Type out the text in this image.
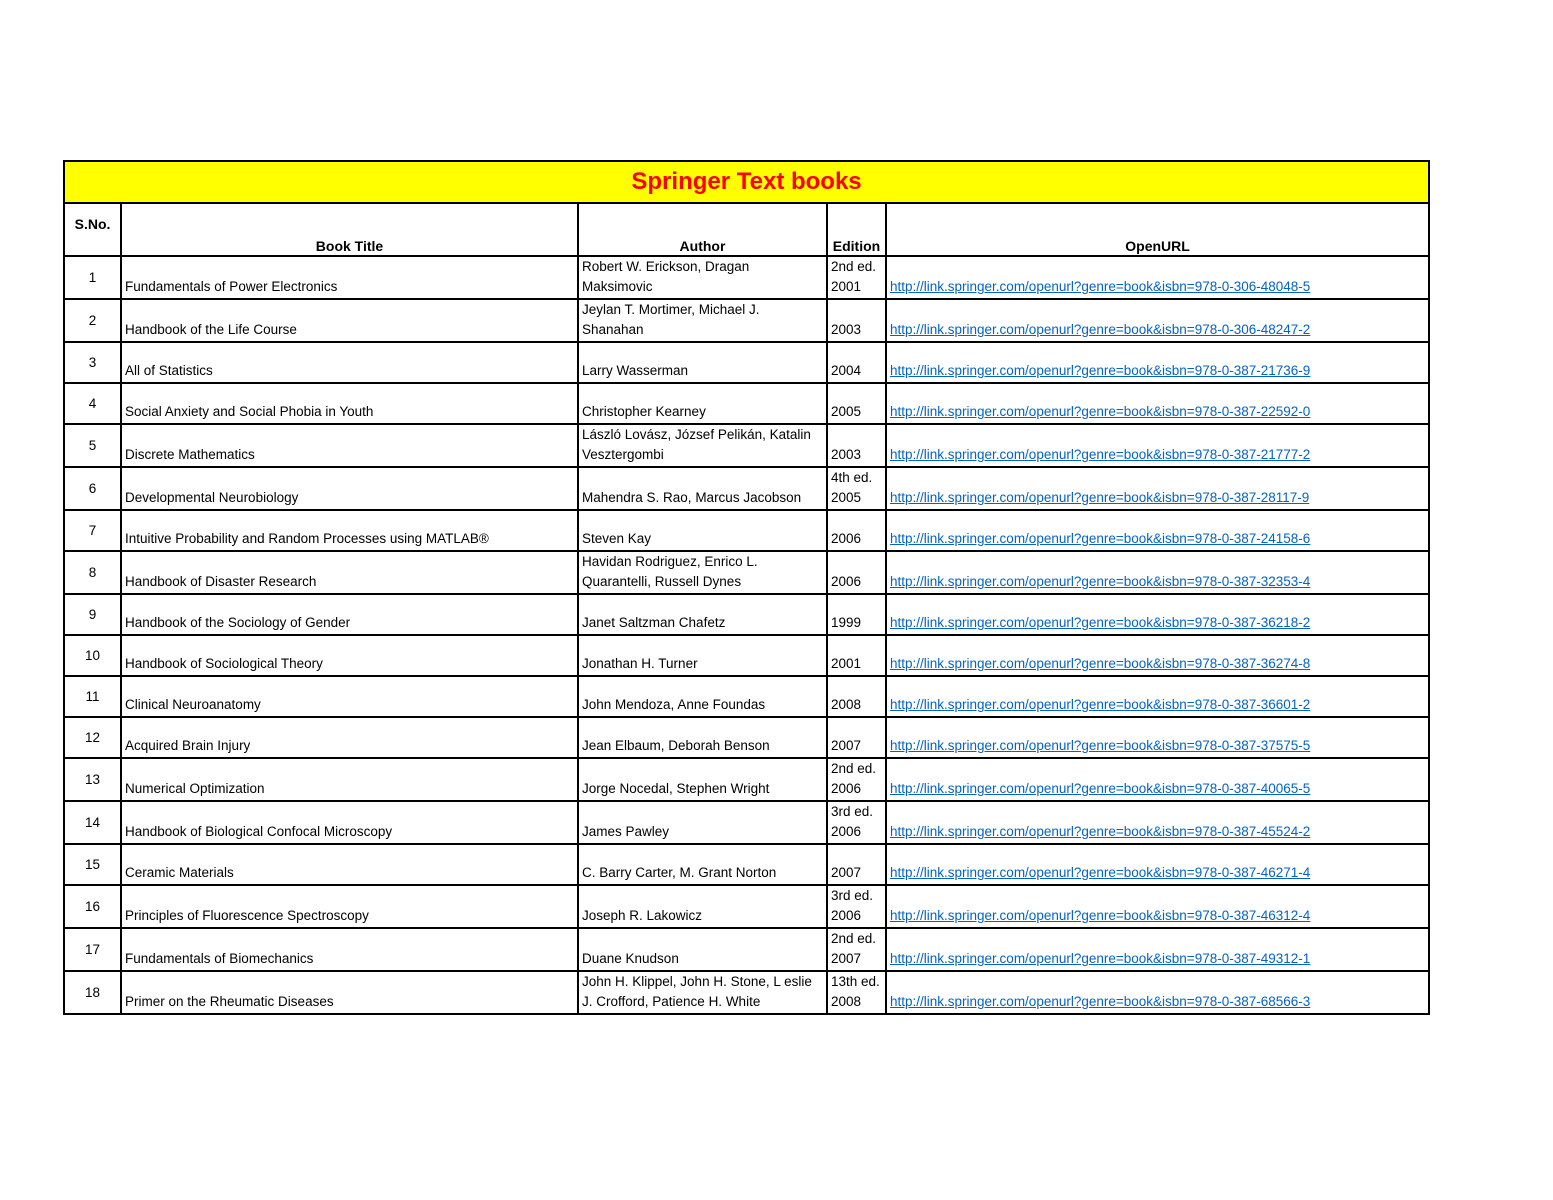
Springer Text books				
S.No.	Book Title	Author	Edition	OpenURL
1	Fundamentals of Power Electronics	Robert W. Erickson, Dragan Maksimovic	2nd ed. 2001	http://link.springer.com/openurl?genre=book&isbn=978-0-306-48048-5
2	Handbook of the Life Course	Jeylan T. Mortimer, Michael J. Shanahan	2003	http://link.springer.com/openurl?genre=book&isbn=978-0-306-48247-2
3	All of Statistics	Larry Wasserman	2004	http://link.springer.com/openurl?genre=book&isbn=978-0-387-21736-9
4	Social Anxiety and Social Phobia in Youth	Christopher Kearney	2005	http://link.springer.com/openurl?genre=book&isbn=978-0-387-22592-0
5	Discrete Mathematics	László Lovász, József Pelikán, Katalin Vesztergombi	2003	http://link.springer.com/openurl?genre=book&isbn=978-0-387-21777-2
6	Developmental Neurobiology	Mahendra S. Rao, Marcus Jacobson	4th ed. 2005	http://link.springer.com/openurl?genre=book&isbn=978-0-387-28117-9
7	Intuitive Probability and Random Processes using MATLAB®	Steven Kay	2006	http://link.springer.com/openurl?genre=book&isbn=978-0-387-24158-6
8	Handbook of Disaster Research	Havidan Rodriguez, Enrico L. Quarantelli, Russell Dynes	2006	http://link.springer.com/openurl?genre=book&isbn=978-0-387-32353-4
9	Handbook of the Sociology of Gender	Janet Saltzman Chafetz	1999	http://link.springer.com/openurl?genre=book&isbn=978-0-387-36218-2
10	Handbook of Sociological Theory	Jonathan H. Turner	2001	http://link.springer.com/openurl?genre=book&isbn=978-0-387-36274-8
11	Clinical Neuroanatomy	John Mendoza, Anne Foundas	2008	http://link.springer.com/openurl?genre=book&isbn=978-0-387-36601-2
12	Acquired Brain Injury	Jean Elbaum, Deborah Benson	2007	http://link.springer.com/openurl?genre=book&isbn=978-0-387-37575-5
13	Numerical Optimization	Jorge Nocedal, Stephen Wright	2nd ed. 2006	http://link.springer.com/openurl?genre=book&isbn=978-0-387-40065-5
14	Handbook of Biological Confocal Microscopy	James Pawley	3rd ed. 2006	http://link.springer.com/openurl?genre=book&isbn=978-0-387-45524-2
15	Ceramic Materials	C. Barry Carter, M. Grant Norton	2007	http://link.springer.com/openurl?genre=book&isbn=978-0-387-46271-4
16	Principles of Fluorescence Spectroscopy	Joseph R. Lakowicz	3rd ed. 2006	http://link.springer.com/openurl?genre=book&isbn=978-0-387-46312-4
17	Fundamentals of Biomechanics	Duane Knudson	2nd ed. 2007	http://link.springer.com/openurl?genre=book&isbn=978-0-387-49312-1
18	Primer on the Rheumatic Diseases	John H. Klippel, John H. Stone, L eslie J. Crofford, Patience H. White	13th ed. 2008	http://link.springer.com/openurl?genre=book&isbn=978-0-387-68566-3
